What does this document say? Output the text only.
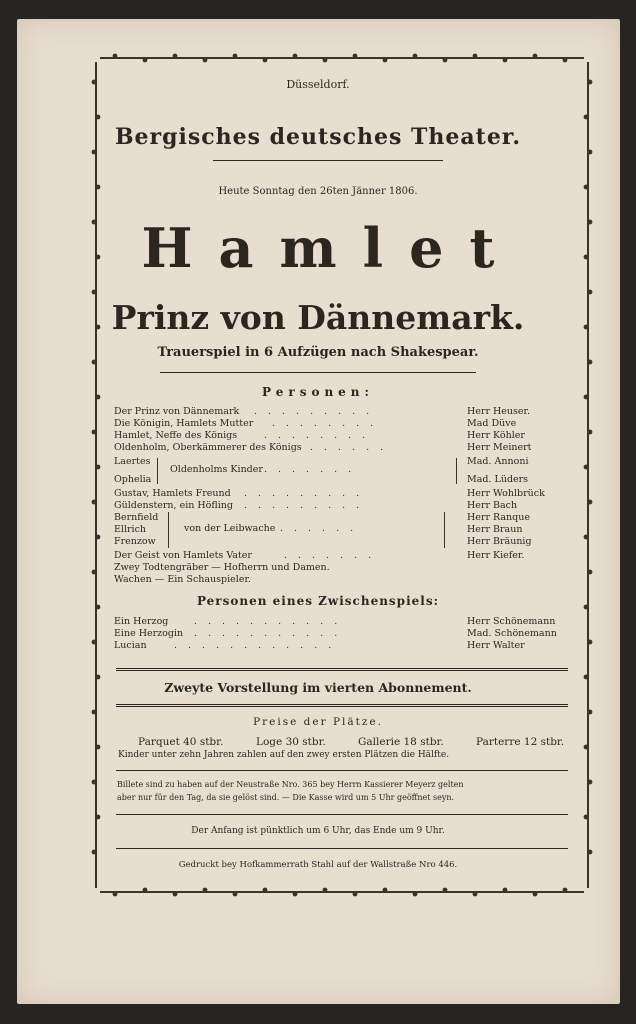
Düsseldorf.
Bergisches deutsches Theater.
Heute Sonntag den 26ten Jänner 1806.
Hamlet
Prinz von Dännemark.
Trauerspiel in 6 Aufzügen nach Shakespear.
Personen:
Der Prinz von Dännemark .........	Herr Heuser.
Die Königin, Hamlets Mutter ........	Mad Düve
Hamlet, Neffe des Königs	........	Herr Köhler
Oldenholm, Oberkämmerer des Königs ......	Herr Meinert
Laertes	Mad. Annoni
Ophelia	Mad. Lüders
Oldenholms Kinder .......
Gustav, Hamlets Freund .........	Herr Wohlbrück
Güldenstern, ein Höfling .........	Herr Bach
Bernfield	Herr Ranque
Ellrich	Herr Braun
Frenzow	Herr Bräunig
von der Leibwache ......
Der Geist von Hamlets Vater	.......	Herr Kiefer.
Zwey Todtengräber — Hofherrn und Damen.
Wachen — Ein Schauspieler.
Personen eines Zwischenspiels:
Ein Herzog	...........	Herr Schönemann
Eine Herzogin ...........	Mad. Schönemann
Lucian	............	Herr Walter
Zweyte Vorstellung im vierten Abonnement.
Preise der Plätze.
Parquet 40 stbr.	Loge 30 stbr.	Gallerie 18 stbr.	Parterre 12 stbr.
Kinder unter zehn Jahren zahlen auf den zwey ersten Plätzen die Hälfte.
Billete sind zu haben auf der Neustraße Nro. 365 bey Herrn Kassierer Meyerz gelten
aber nur für den Tag, da sie gelöst sind. — Die Kasse wird um 5 Uhr geöffnet seyn.
Der Anfang ist pünktlich um 6 Uhr, das Ende um 9 Uhr.
Gedruckt bey Hofkammerrath Stahl auf der Wallstraße Nro 446.
